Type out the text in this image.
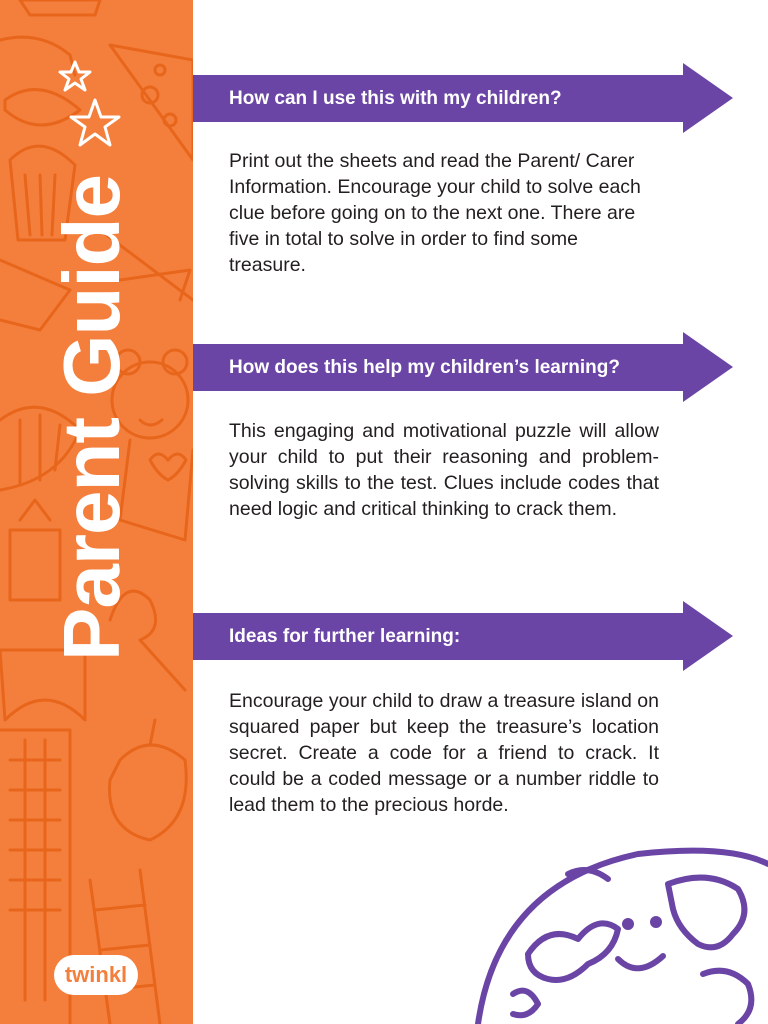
Parent Guide
twinkl
How can I use this with my children?

Print out the sheets and read the Parent/ Carer Information. Encourage your child to solve each clue before going on to the next one. There are five in total to solve in order to find some treasure.

How does this help my children’s learning?

This engaging and motivational puzzle will allow your child to put their reasoning and problem-solving skills to the test. Clues include codes that need logic and critical thinking to crack them.

Ideas for further learning:

Encourage your child to draw a treasure island on squared paper but keep the treasure’s location secret. Create a code for a friend to crack. It could be a coded message or a number riddle to lead them to the precious horde.
